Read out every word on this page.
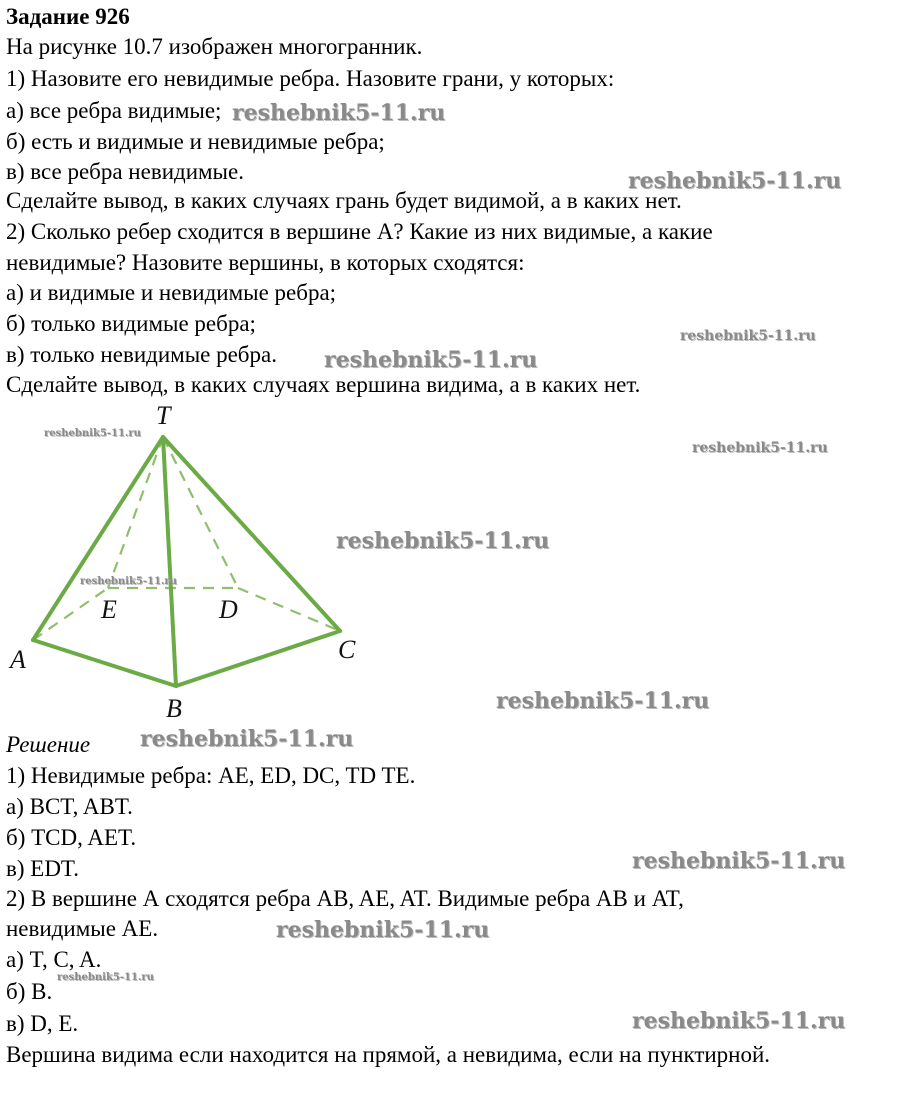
Задание 926
На рисунке 10.7 изображен многогранник.
1) Назовите его невидимые ребра. Назовите грани, у которых:
а) все ребра видимые;
б) есть и видимые и невидимые ребра;
в) все ребра невидимые.
Сделайте вывод, в каких случаях грань будет видимой, а в каких нет.
2) Сколько ребер сходится в вершине А? Какие из них видимые, а какие
невидимые? Назовите вершины, в которых сходятся:
а) и видимые и невидимые ребра;
б) только видимые ребра;
в) только невидимые ребра.
Сделайте вывод, в каких случаях вершина видима, а в каких нет.
T
E	D
A	C
B
Решение
1) Невидимые ребра: AE, ED, DC, TD TE.
а) BCT, ABT.
б) TCD, AET.
в) EDT.
2) В вершине А сходятся ребра AB, AE, AT. Видимые ребра AB и AT,
невидимые AE.
а) T, C, A.
б) B.
в) D, E.
Вершина видима если находится на прямой, а невидима, если на пунктирной.
reshebnik5-11.ru
reshebnik5-11.ru
reshebnik5-11.ru
reshebnik5-11.ru
reshebnik5-11.ru
reshebnik5-11.ru
reshebnik5-11.ru
reshebnik5-11.ru
reshebnik5-11.ru
reshebnik5-11.ru
reshebnik5-11.ru
reshebnik5-11.ru
reshebnik5-11.ru
reshebnik5-11.ru
